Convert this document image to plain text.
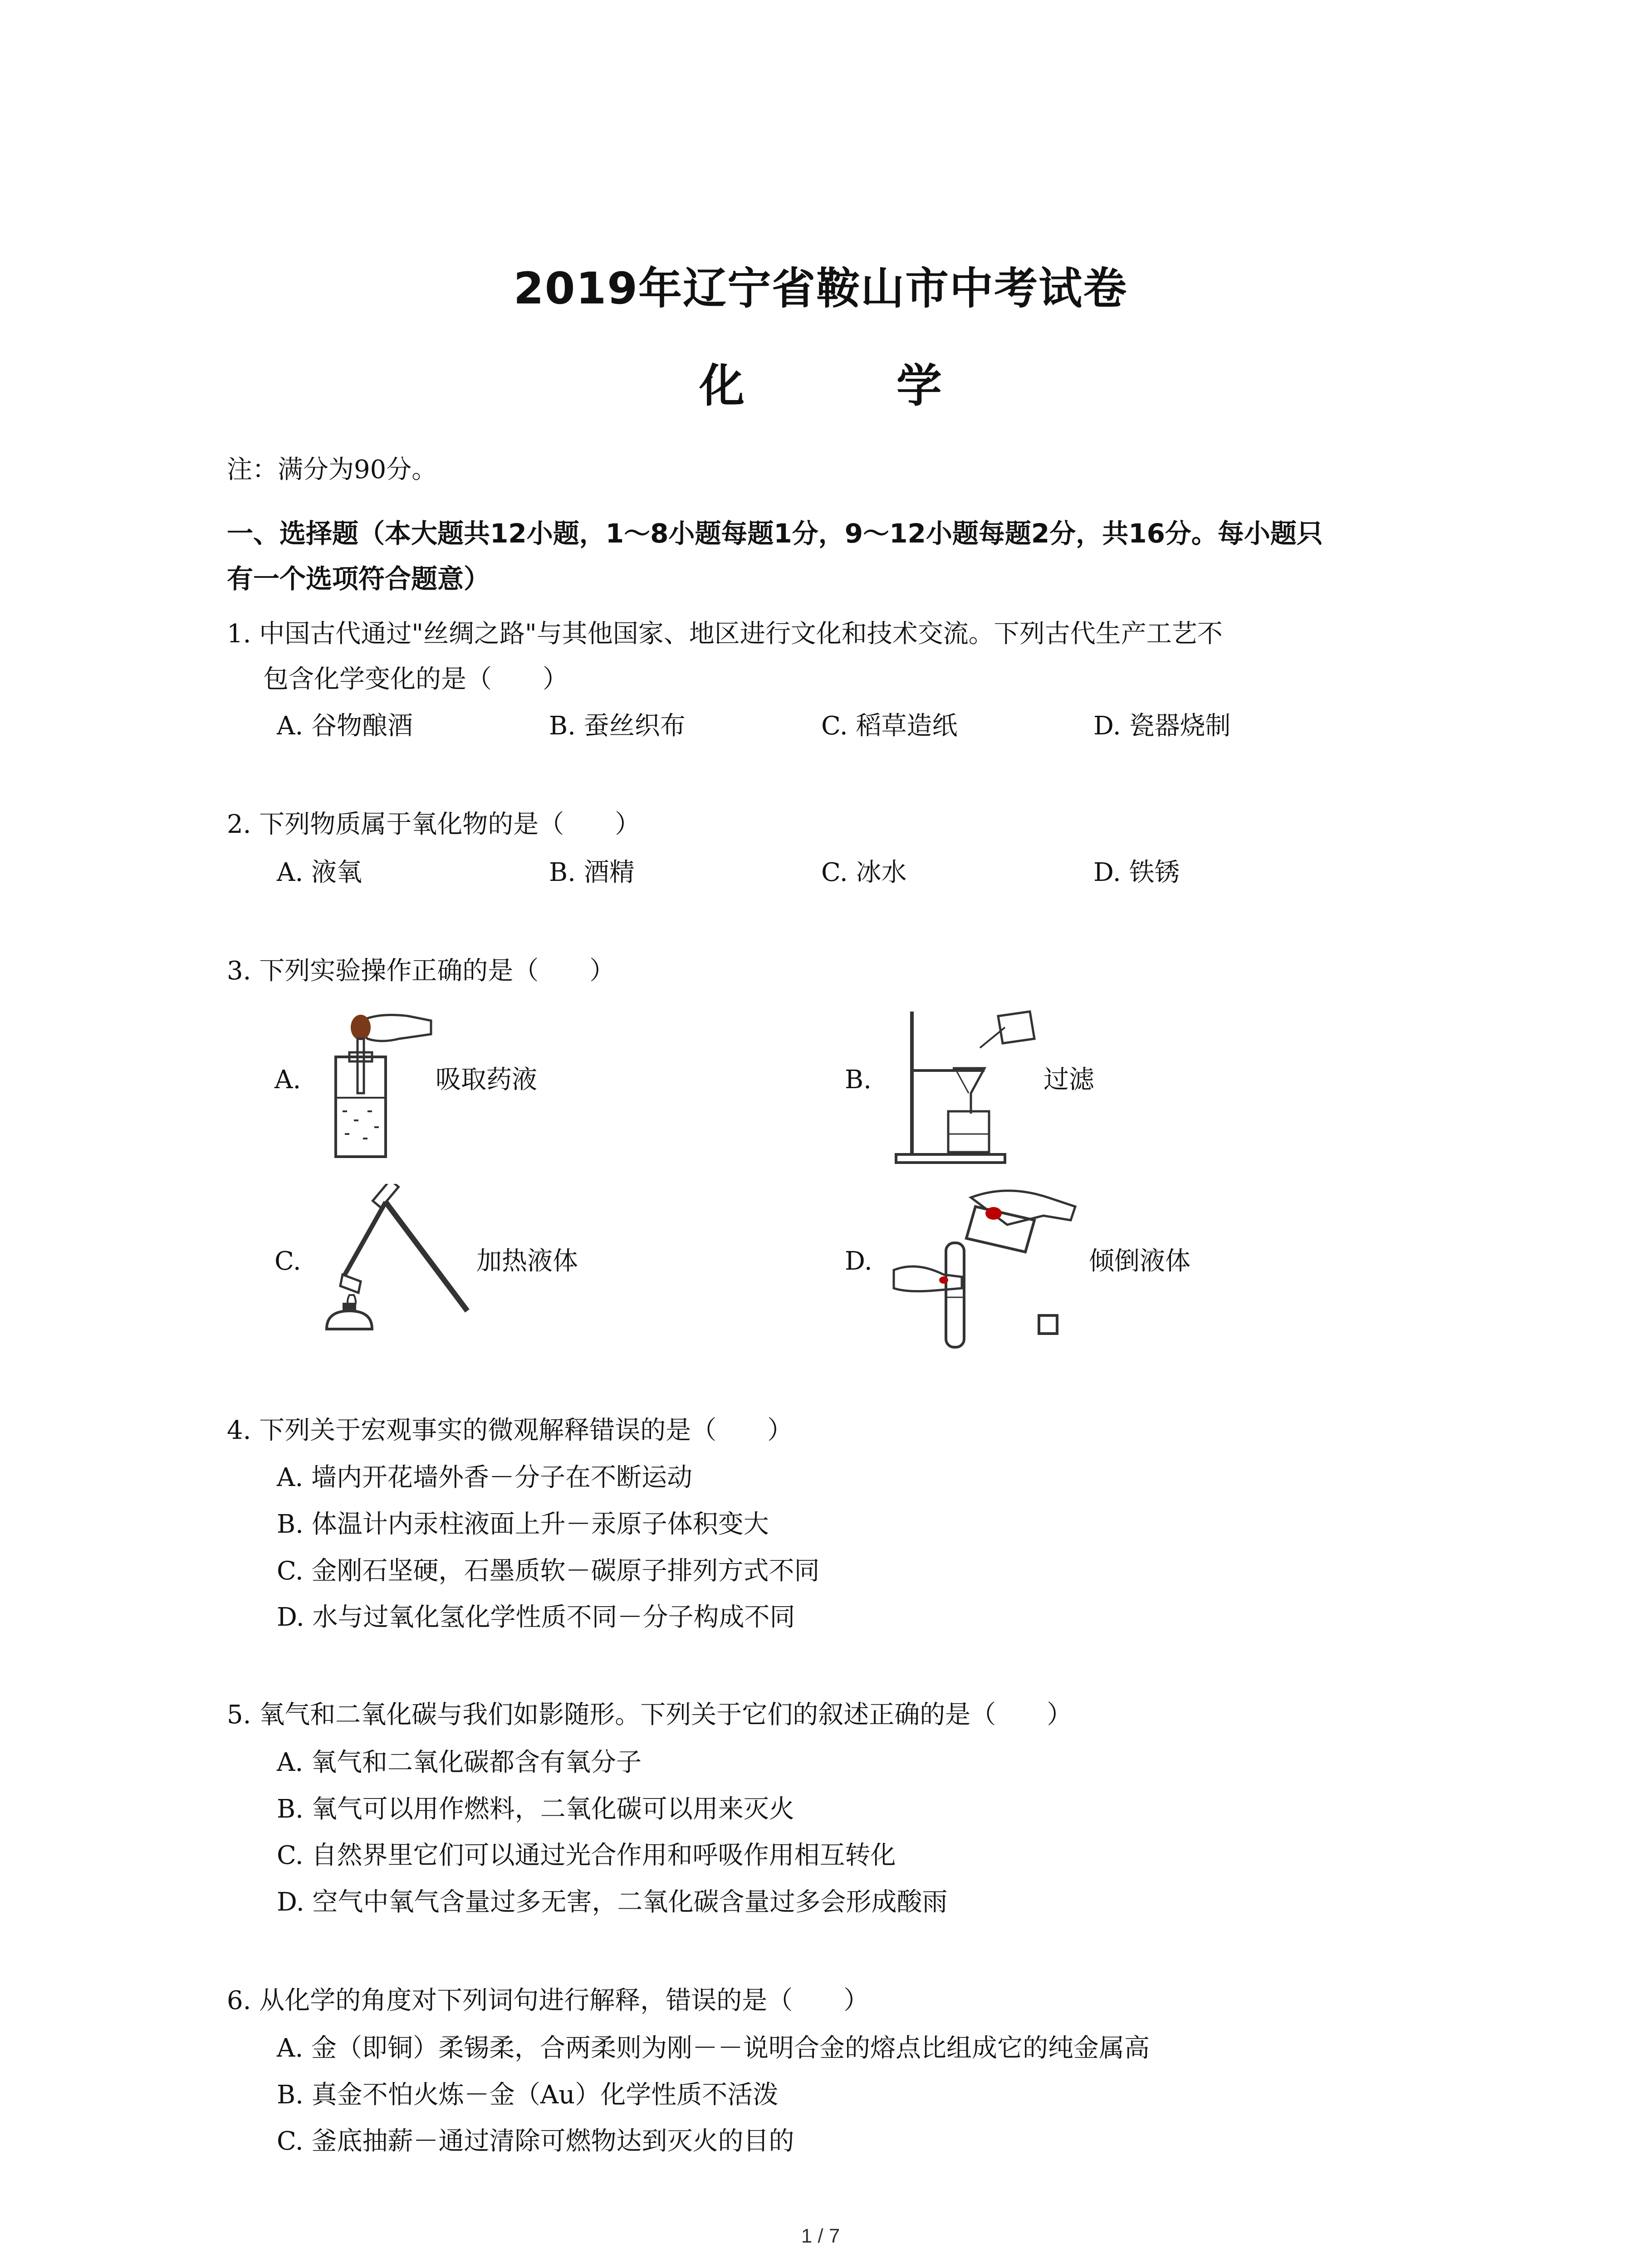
2019年辽宁省鞍山市中考试卷
化 学
注：满分为90分。
一、选择题（本大题共12小题，1～8小题每题1分，9～12小题每题2分，共16分。每小题只
有一个选项符合题意）
1. 中国古代通过"丝绸之路"与其他国家、地区进行文化和技术交流。下列古代生产工艺不
包含化学变化的是（　　）
A. 谷物酿酒	B. 蚕丝织布	C. 稻草造纸	D. 瓷器烧制
2. 下列物质属于氧化物的是（　　）
A. 液氧	B. 酒精	C. 冰水	D. 铁锈
3. 下列实验操作正确的是（　　）
A.	吸取药液	B.	过滤
C.	加热液体	D.	倾倒液体
4. 下列关于宏观事实的微观解释错误的是（　　）
A. 墙内开花墙外香－分子在不断运动
B. 体温计内汞柱液面上升－汞原子体积变大
C. 金刚石坚硬，石墨质软－碳原子排列方式不同
D. 水与过氧化氢化学性质不同－分子构成不同
5. 氧气和二氧化碳与我们如影随形。下列关于它们的叙述正确的是（　　）
A. 氧气和二氧化碳都含有氧分子
B. 氧气可以用作燃料，二氧化碳可以用来灭火
C. 自然界里它们可以通过光合作用和呼吸作用相互转化
D. 空气中氧气含量过多无害，二氧化碳含量过多会形成酸雨
6. 从化学的角度对下列词句进行解释，错误的是（　　）
A. 金（即铜）柔锡柔，合两柔则为刚－－说明合金的熔点比组成它的纯金属高
B. 真金不怕火炼－金（Au）化学性质不活泼
C. 釜底抽薪－通过清除可燃物达到灭火的目的
1 / 7
